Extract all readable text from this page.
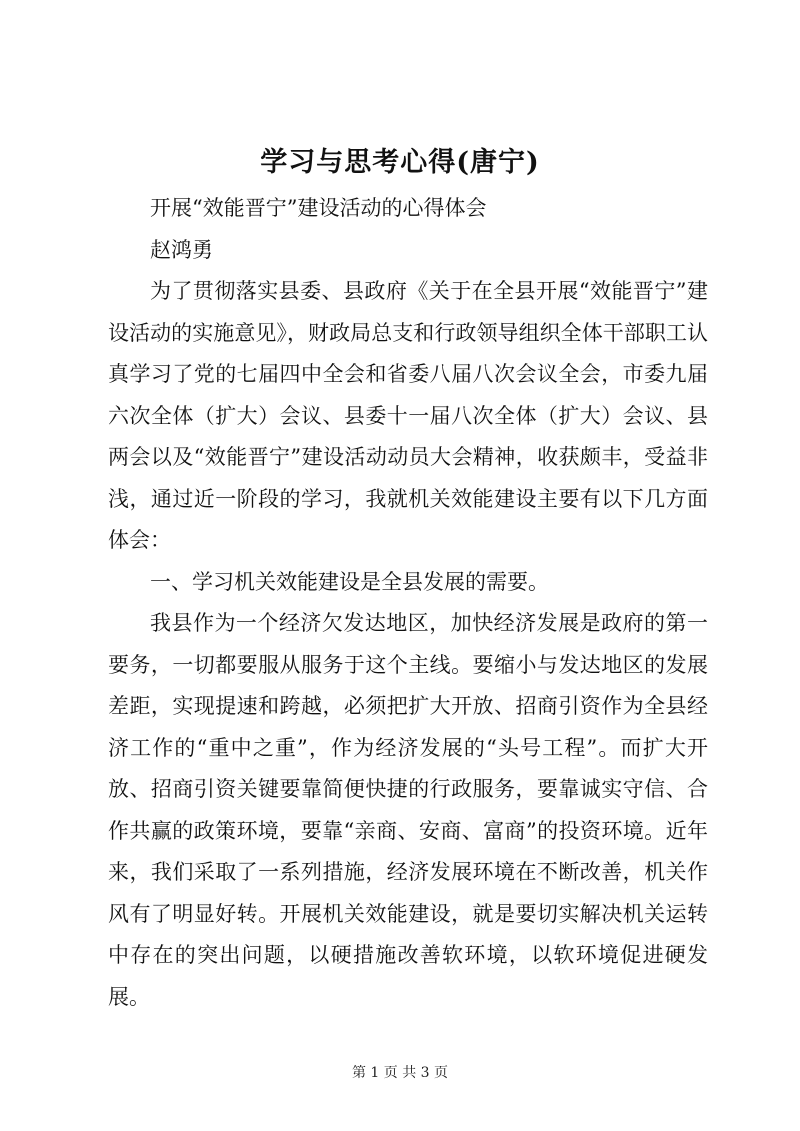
学习与思考心得(唐宁)

开展“效能晋宁”建设活动的心得体会

赵鸿勇

为了贯彻落实县委、县政府《关于在全县开展“效能晋宁”建设活动的实施意见》，财政局总支和行政领导组织全体干部职工认真学习了党的七届四中全会和省委八届八次会议全会，市委九届六次全体（扩大）会议、县委十一届八次全体（扩大）会议、县两会以及“效能晋宁”建设活动动员大会精神，收获颇丰，受益非浅，通过近一阶段的学习，我就机关效能建设主要有以下几方面体会：

一、学习机关效能建设是全县发展的需要。

我县作为一个经济欠发达地区，加快经济发展是政府的第一要务，一切都要服从服务于这个主线。要缩小与发达地区的发展差距，实现提速和跨越，必须把扩大开放、招商引资作为全县经济工作的“重中之重”，作为经济发展的“头号工程”。而扩大开放、招商引资关键要靠简便快捷的行政服务，要靠诚实守信、合作共赢的政策环境，要靠“亲商、安商、富商”的投资环境。近年来，我们采取了一系列措施，经济发展环境在不断改善，机关作风有了明显好转。开展机关效能建设，就是要切实解决机关运转中存在的突出问题，以硬措施改善软环境，以软环境促进硬发展。

第 1 页 共 3 页
